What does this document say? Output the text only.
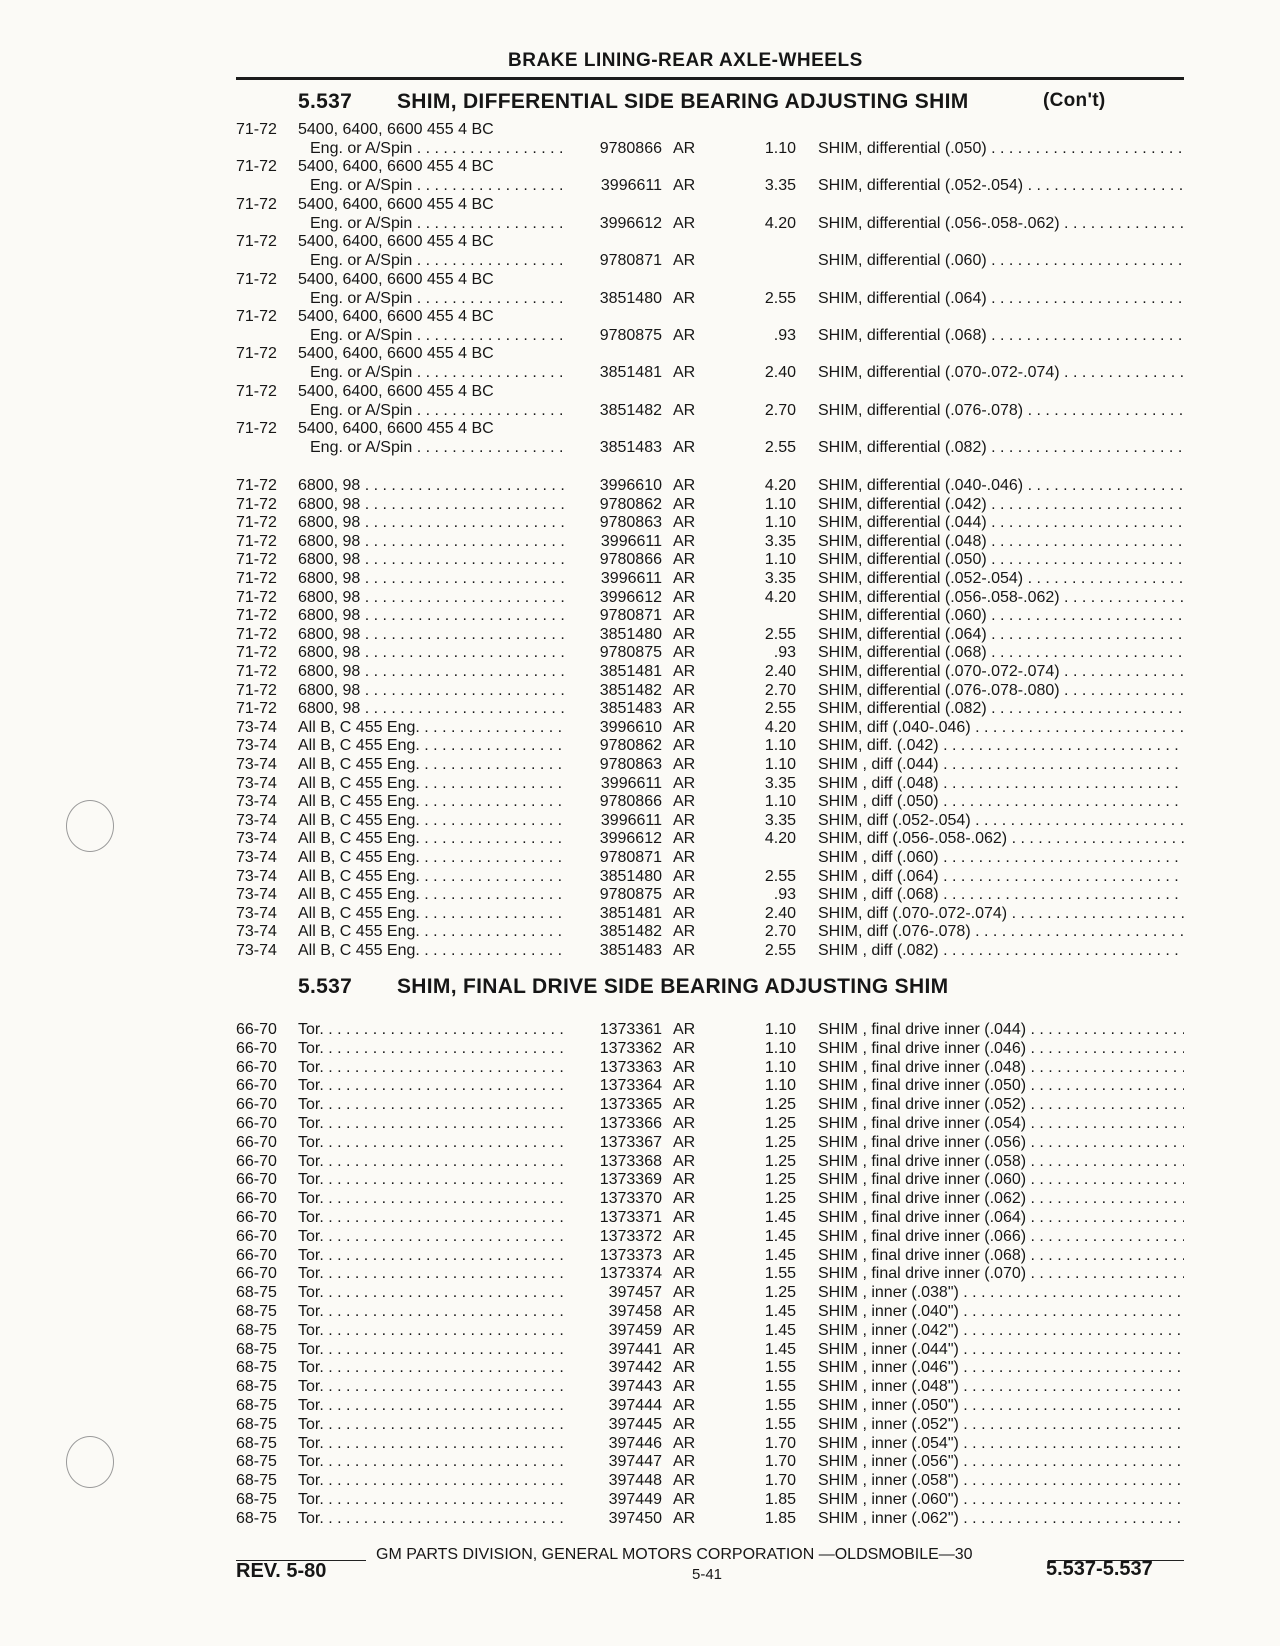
BRAKE LINING-REAR AXLE-WHEELS
5.537 SHIM, DIFFERENTIAL SIDE BEARING ADJUSTING SHIM	(Con't)
5.537 SHIM, FINAL DRIVE SIDE BEARING ADJUSTING SHIM
71-72	5400, 6400, 6600 455 4 BC
Eng. or A/Spin . . .	9780866 AR	1.10 SHIM, differential (.050) . . .
71-72	5400, 6400, 6600 455 4 BC
Eng. or A/Spin . . .	3996611 AR	3.35 SHIM, differential (.052-.054) . . .
71-72	5400, 6400, 6600 455 4 BC
Eng. or A/Spin . . .	3996612 AR	4.20 SHIM, differential (.056-.058-.062) . . .
71-72	5400, 6400, 6600 455 4 BC
Eng. or A/Spin . . .	9780871 AR	SHIM, differential (.060) . . .
71-72	5400, 6400, 6600 455 4 BC
Eng. or A/Spin . . .	3851480 AR	2.55 SHIM, differential (.064) . . .
71-72	5400, 6400, 6600 455 4 BC
Eng. or A/Spin . . .	9780875 AR	.93 SHIM, differential (.068) . . .
71-72	5400, 6400, 6600 455 4 BC
Eng. or A/Spin . . .	3851481 AR	2.40 SHIM, differential (.070-.072-.074) . . .
71-72	5400, 6400, 6600 455 4 BC
Eng. or A/Spin . . .	3851482 AR	2.70 SHIM, differential (.076-.078) . . .
71-72	5400, 6400, 6600 455 4 BC
Eng. or A/Spin . . .	3851483 AR	2.55 SHIM, differential (.082) . . .
71-72	6800, 98 . . .	3996610 AR	4.20 SHIM, differential (.040-.046) . . .
71-72	6800, 98 . . .	9780862 AR	1.10 SHIM, differential (.042) . . .
71-72	6800, 98 . . .	9780863 AR	1.10 SHIM, differential (.044) . . .
71-72	6800, 98 . . .	3996611 AR	3.35 SHIM, differential (.048) . . .
71-72	6800, 98 . . .	9780866 AR	1.10 SHIM, differential (.050) . . .
71-72	6800, 98 . . .	3996611 AR	3.35 SHIM, differential (.052-.054) . . .
71-72	6800, 98 . . .	3996612 AR	4.20 SHIM, differential (.056-.058-.062) . . .
71-72	6800, 98 . . .	9780871 AR	SHIM, differential (.060) . . .
71-72	6800, 98 . . .	3851480 AR	2.55 SHIM, differential (.064) . . .
71-72	6800, 98 . . .	9780875 AR	.93 SHIM, differential (.068) . . .
71-72	6800, 98 . . .	3851481 AR	2.40 SHIM, differential (.070-.072-.074) . . .
71-72	6800, 98 . . .	3851482 AR	2.70 SHIM, differential (.076-.078-.080) . . .
71-72	6800, 98 . . .	3851483 AR	2.55 SHIM, differential (.082) . . .
73-74	All B, C 455 Eng. . . .	3996610 AR	4.20 SHIM, diff (.040-.046) . . .
73-74	All B, C 455 Eng. . . .	9780862 AR	1.10 SHIM, diff. (.042) . . .
73-74	All B, C 455 Eng. . . .	9780863 AR	1.10 SHIM , diff (.044) . . .
73-74	All B, C 455 Eng. . . .	3996611 AR	3.35 SHIM , diff (.048) . . .
73-74	All B, C 455 Eng. . . .	9780866 AR	1.10 SHIM , diff (.050) . . .
73-74	All B, C 455 Eng. . . .	3996611 AR	3.35 SHIM, diff (.052-.054) . . .
73-74	All B, C 455 Eng. . . .	3996612 AR	4.20 SHIM, diff (.056-.058-.062) . . .
73-74	All B, C 455 Eng. . . .	9780871 AR	SHIM , diff (.060) . . .
73-74	All B, C 455 Eng. . . .	3851480 AR	2.55 SHIM , diff (.064) . . .
73-74	All B, C 455 Eng. . . .	9780875 AR	.93 SHIM , diff (.068) . . .
73-74	All B, C 455 Eng. . . .	3851481 AR	2.40 SHIM, diff (.070-.072-.074) . . .
73-74	All B, C 455 Eng. . . .	3851482 AR	2.70 SHIM, diff (.076-.078) . . .
73-74	All B, C 455 Eng. . . .	3851483 AR	2.55 SHIM , diff (.082) . . .
66-70	Tor. . . .	1373361 AR	1.10 SHIM , final drive inner (.044) . . .
66-70	Tor. . . .	1373362 AR	1.10 SHIM , final drive inner (.046) . . .
66-70	Tor. . . .	1373363 AR	1.10 SHIM , final drive inner (.048) . . .
66-70	Tor. . . .	1373364 AR	1.10 SHIM , final drive inner (.050) . . .
66-70	Tor. . . .	1373365 AR	1.25 SHIM , final drive inner (.052) . . .
66-70	Tor. . . .	1373366 AR	1.25 SHIM , final drive inner (.054) . . .
66-70	Tor. . . .	1373367 AR	1.25 SHIM , final drive inner (.056) . . .
66-70	Tor. . . .	1373368 AR	1.25 SHIM , final drive inner (.058) . . .
66-70	Tor. . . .	1373369 AR	1.25 SHIM , final drive inner (.060) . . .
66-70	Tor. . . .	1373370 AR	1.25 SHIM , final drive inner (.062) . . .
66-70	Tor. . . .	1373371 AR	1.45 SHIM , final drive inner (.064) . . .
66-70	Tor. . . .	1373372 AR	1.45 SHIM , final drive inner (.066) . . .
66-70	Tor. . . .	1373373 AR	1.45 SHIM , final drive inner (.068) . . .
66-70	Tor. . . .	1373374 AR	1.55 SHIM , final drive inner (.070) . . .
68-75	Tor. . . .	397457 AR	1.25 SHIM , inner (.038") . . .
68-75	Tor. . . .	397458 AR	1.45 SHIM , inner (.040") . . .
68-75	Tor. . . .	397459 AR	1.45 SHIM , inner (.042") . . .
68-75	Tor. . . .	397441 AR	1.45 SHIM , inner (.044") . . .
68-75	Tor. . . .	397442 AR	1.55 SHIM , inner (.046") . . .
68-75	Tor. . . .	397443 AR	1.55 SHIM , inner (.048") . . .
68-75	Tor. . . .	397444 AR	1.55 SHIM , inner (.050") . . .
68-75	Tor. . . .	397445 AR	1.55 SHIM , inner (.052") . . .
68-75	Tor. . . .	397446 AR	1.70 SHIM , inner (.054") . . .
68-75	Tor. . . .	397447 AR	1.70 SHIM , inner (.056") . . .
68-75	Tor. . . .	397448 AR	1.70 SHIM , inner (.058") . . .
68-75	Tor. . . .	397449 AR	1.85 SHIM , inner (.060") . . .
68-75	Tor. . . .	397450 AR	1.85 SHIM , inner (.062") . . .
GM PARTS DIVISION, GENERAL MOTORS CORPORATION —OLDSMOBILE—30
REV. 5-80	5-41	5.537-5.537
